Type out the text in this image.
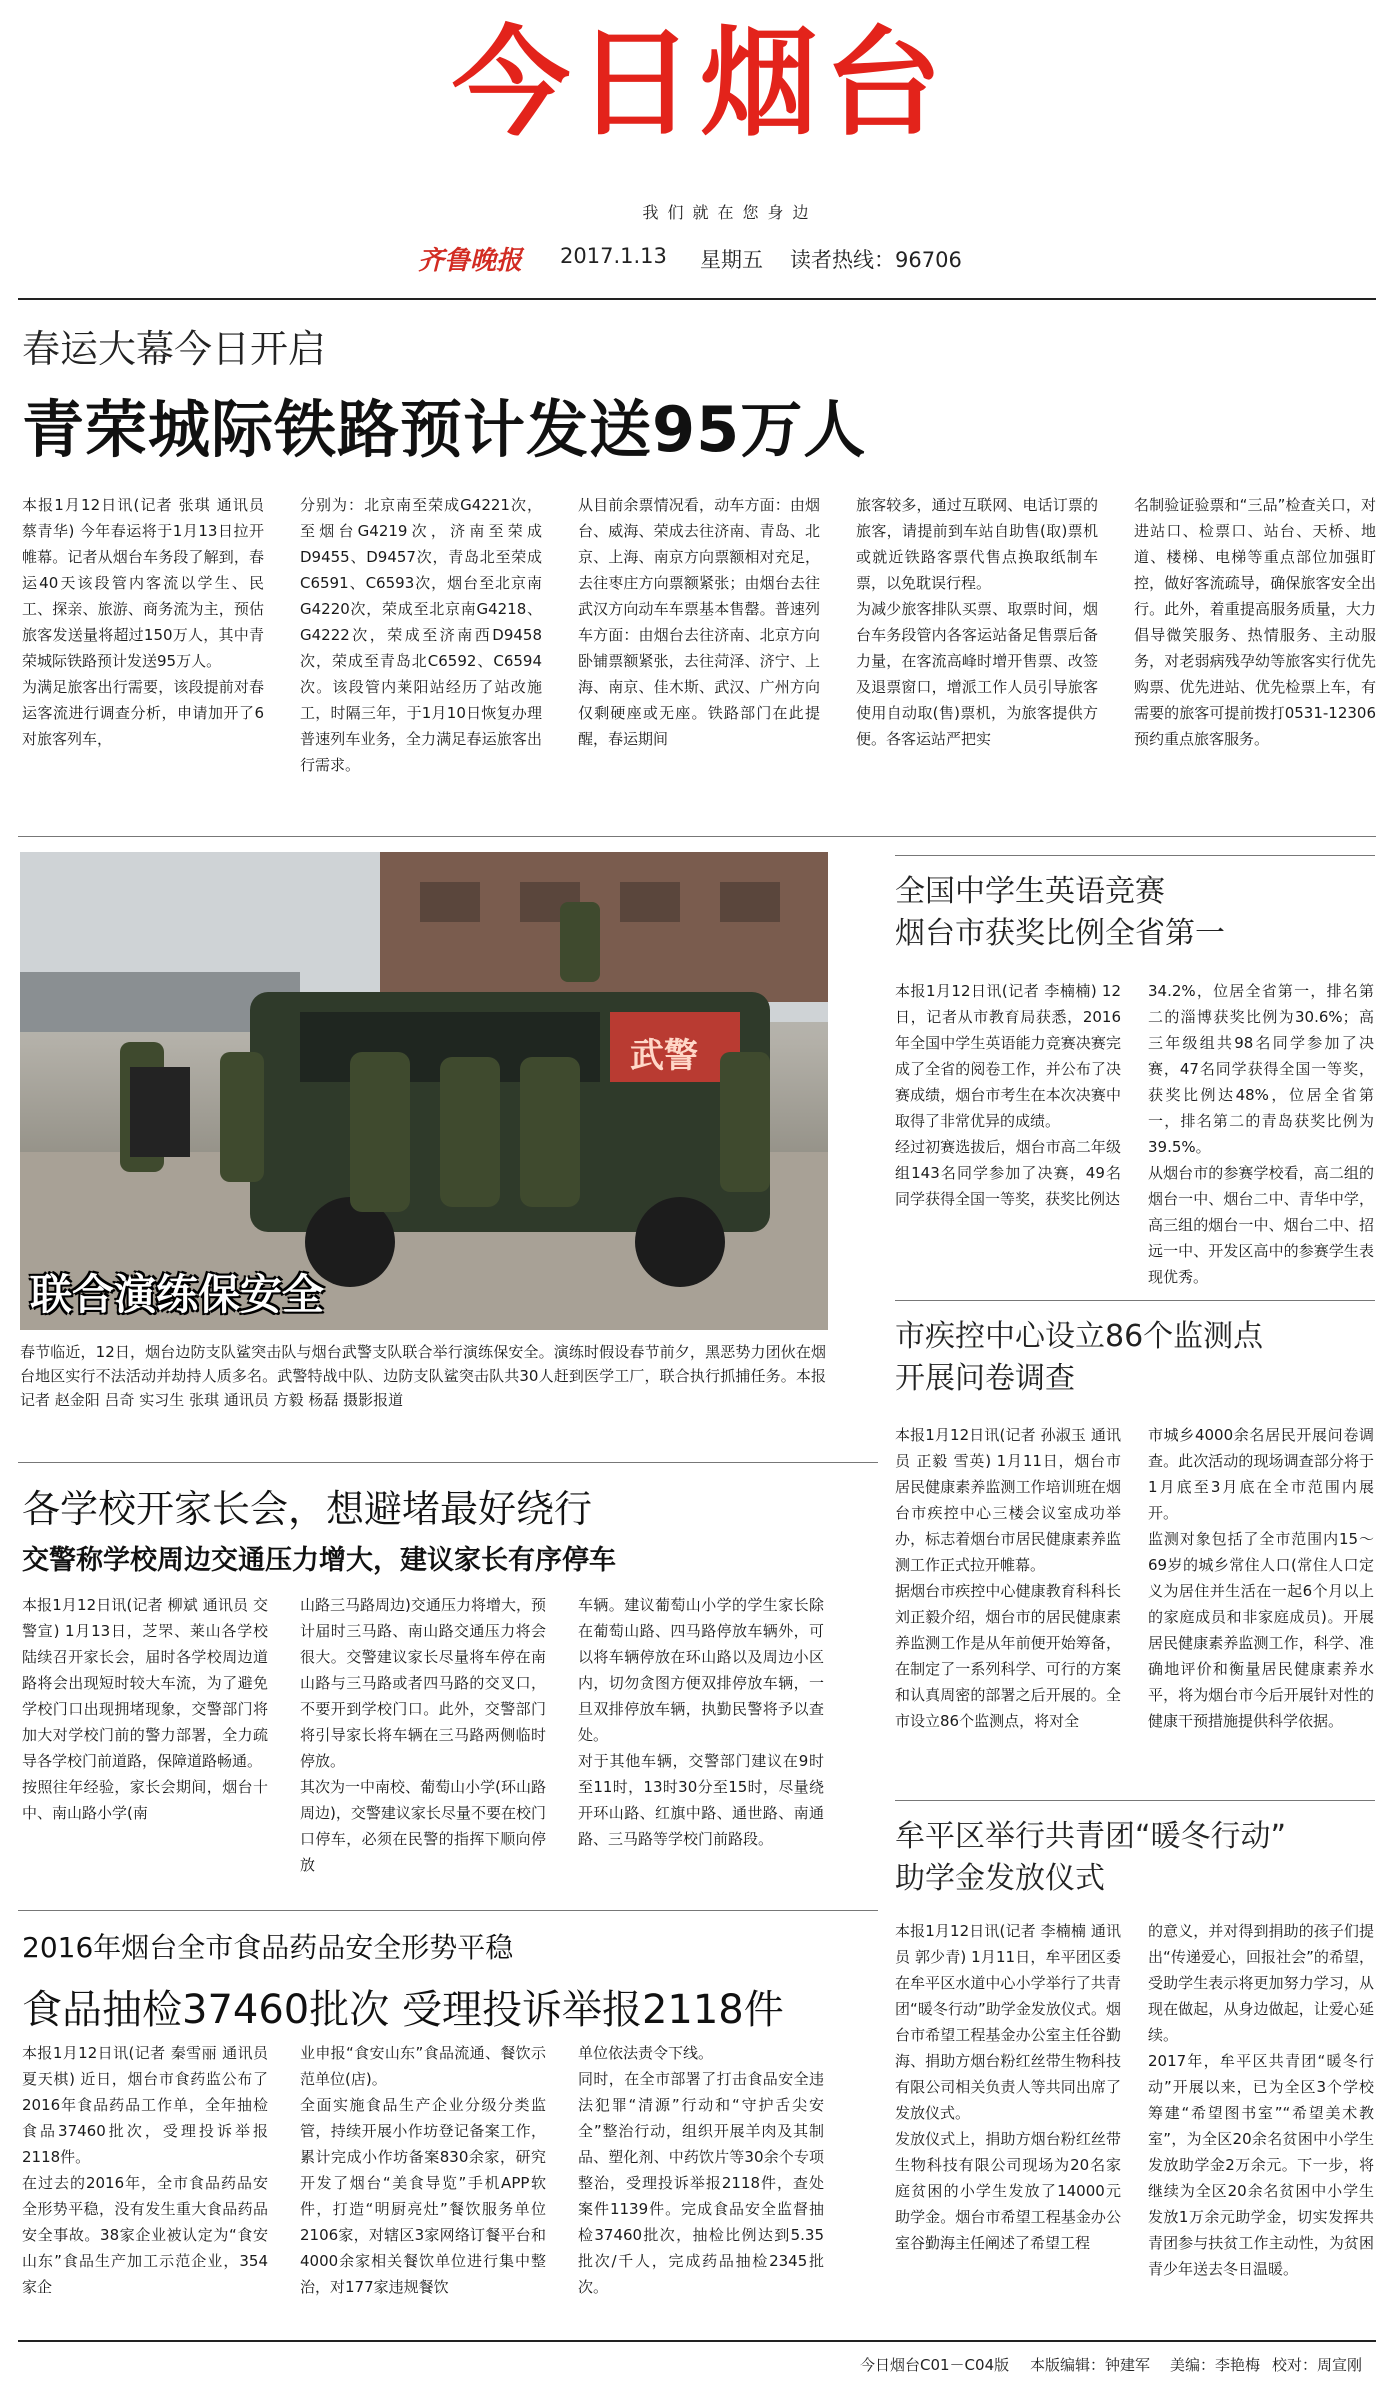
今日烟台
我们就在您身边
齐鲁晚报 2017.1.13 星期五 读者热线：96706
春运大幕今日开启
青荣城际铁路预计发送95万人
本报1月12日讯(记者 张琪 通讯员 蔡青华) 今年春运将于1月13日拉开帷幕。记者从烟台车务段了解到，春运40天该段管内客流以学生、民工、探亲、旅游、商务流为主，预估旅客发送量将超过150万人，其中青荣城际铁路预计发送95万人。
为满足旅客出行需要，该段提前对春运客流进行调查分析，申请加开了6对旅客列车，
分别为：北京南至荣成G4221次，至烟台G4219次，济南至荣成D9455、D9457次，青岛北至荣成C6591、C6593次，烟台至北京南G4220次，荣成至北京南G4218、G4222次，荣成至济南西D9458次，荣成至青岛北C6592、C6594次。该段管内莱阳站经历了站改施工，时隔三年，于1月10日恢复办理普速列车业务，全力满足春运旅客出行需求。
从目前余票情况看，动车方面：由烟台、威海、荣成去往济南、青岛、北京、上海、南京方向票额相对充足，去往枣庄方向票额紧张；由烟台去往武汉方向动车车票基本售罄。普速列车方面：由烟台去往济南、北京方向卧铺票额紧张，去往菏泽、济宁、上海、南京、佳木斯、武汉、广州方向仅剩硬座或无座。铁路部门在此提醒，春运期间
旅客较多，通过互联网、电话订票的旅客，请提前到车站自助售(取)票机或就近铁路客票代售点换取纸制车票，以免耽误行程。
为减少旅客排队买票、取票时间，烟台车务段管内各客运站备足售票后备力量，在客流高峰时增开售票、改签及退票窗口，增派工作人员引导旅客使用自动取(售)票机，为旅客提供方便。各客运站严把实
名制验证验票和“三品”检查关口，对进站口、检票口、站台、天桥、地道、楼梯、电梯等重点部位加强盯控，做好客流疏导，确保旅客安全出行。此外，着重提高服务质量，大力倡导微笑服务、热情服务、主动服务，对老弱病残孕幼等旅客实行优先购票、优先进站、优先检票上车，有需要的旅客可提前拨打0531-12306预约重点旅客服务。
武警
联合演练保安全
春节临近，12日，烟台边防支队鲨突击队与烟台武警支队联合举行演练保安全。演练时假设春节前夕，黑恶势力团伙在烟台地区实行不法活动并劫持人质多名。武警特战中队、边防支队鲨突击队共30人赶到医学工厂，联合执行抓捕任务。本报记者 赵金阳 吕奇 实习生 张琪 通讯员 方毅 杨磊 摄影报道
全国中学生英语竞赛
烟台市获奖比例全省第一
本报1月12日讯(记者 李楠楠) 12日，记者从市教育局获悉，2016年全国中学生英语能力竞赛决赛完成了全省的阅卷工作，并公布了决赛成绩，烟台市考生在本次决赛中取得了非常优异的成绩。
经过初赛选拔后，烟台市高二年级组143名同学参加了决赛，49名同学获得全国一等奖，获奖比例达
34.2%，位居全省第一，排名第二的淄博获奖比例为30.6%；高三年级组共98名同学参加了决赛，47名同学获得全国一等奖，获奖比例达48%，位居全省第一，排名第二的青岛获奖比例为39.5%。
从烟台市的参赛学校看，高二组的烟台一中、烟台二中、青华中学，高三组的烟台一中、烟台二中、招远一中、开发区高中的参赛学生表现优秀。
市疾控中心设立86个监测点
开展问卷调查
本报1月12日讯(记者 孙淑玉 通讯员 正毅 雪英) 1月11日，烟台市居民健康素养监测工作培训班在烟台市疾控中心三楼会议室成功举办，标志着烟台市居民健康素养监测工作正式拉开帷幕。
据烟台市疾控中心健康教育科科长刘正毅介绍，烟台市的居民健康素养监测工作是从年前便开始筹备，在制定了一系列科学、可行的方案和认真周密的部署之后开展的。全市设立86个监测点，将对全
市城乡4000余名居民开展问卷调查。此次活动的现场调查部分将于1月底至3月底在全市范围内展开。
监测对象包括了全市范围内15～69岁的城乡常住人口(常住人口定义为居住并生活在一起6个月以上的家庭成员和非家庭成员)。开展居民健康素养监测工作，科学、准确地评价和衡量居民健康素养水平，将为烟台市今后开展针对性的健康干预措施提供科学依据。
各学校开家长会，想避堵最好绕行
交警称学校周边交通压力增大，建议家长有序停车
本报1月12日讯(记者 柳斌 通讯员 交警宣) 1月13日，芝罘、莱山各学校陆续召开家长会，届时各学校周边道路将会出现短时较大车流，为了避免学校门口出现拥堵现象，交警部门将加大对学校门前的警力部署，全力疏导各学校门前道路，保障道路畅通。
按照往年经验，家长会期间，烟台十中、南山路小学(南
山路三马路周边)交通压力将增大，预计届时三马路、南山路交通压力将会很大。交警建议家长尽量将车停在南山路与三马路或者四马路的交叉口，不要开到学校门口。此外，交警部门将引导家长将车辆在三马路两侧临时停放。
其次为一中南校、葡萄山小学(环山路周边)，交警建议家长尽量不要在校门口停车，必须在民警的指挥下顺向停放
车辆。建议葡萄山小学的学生家长除在葡萄山路、四马路停放车辆外，可以将车辆停放在环山路以及周边小区内，切勿贪图方便双排停放车辆，一旦双排停放车辆，执勤民警将予以查处。
对于其他车辆，交警部门建议在9时至11时，13时30分至15时，尽量绕开环山路、红旗中路、通世路、南通路、三马路等学校门前路段。	牟平区举行共青团“暖冬行动”
助学金发放仪式
本报1月12日讯(记者 李楠楠 通讯员 郭少青) 1月11日，牟平团区委在牟平区水道中心小学举行了共青团“暖冬行动”助学金发放仪式。烟台市希望工程基金办公室主任谷勤海、捐助方烟台粉红丝带生物科技有限公司相关负责人等共同出席了发放仪式。
发放仪式上，捐助方烟台粉红丝带生物科技有限公司现场为20名家庭贫困的小学生发放了14000元助学金。烟台市希望工程基金办公室谷勤海主任阐述了希望工程
的意义，并对得到捐助的孩子们提出“传递爱心，回报社会”的希望，受助学生表示将更加努力学习，从现在做起，从身边做起，让爱心延续。
2017年，牟平区共青团“暖冬行动”开展以来，已为全区3个学校筹建“希望图书室”“希望美术教室”，为全区20余名贫困中小学生发放助学金2万余元。下一步，将继续为全区20余名贫困中小学生发放1万余元助学金，切实发挥共青团参与扶贫工作主动性，为贫困青少年送去冬日温暖。
2016年烟台全市食品药品安全形势平稳
食品抽检37460批次 受理投诉举报2118件
本报1月12日讯(记者 秦雪丽 通讯员 夏天棋) 近日，烟台市食药监公布了2016年食品药品工作单，全年抽检食品37460批次，受理投诉举报2118件。
在过去的2016年，全市食品药品安全形势平稳，没有发生重大食品药品安全事故。38家企业被认定为“食安山东”食品生产加工示范企业，354家企
业申报“食安山东”食品流通、餐饮示范单位(店)。
全面实施食品生产企业分级分类监管，持续开展小作坊登记备案工作，累计完成小作坊备案830余家，研究开发了烟台“美食导览”手机APP软件，打造“明厨亮灶”餐饮服务单位2106家，对辖区3家网络订餐平台和4000余家相关餐饮单位进行集中整治，对177家违规餐饮
单位依法责令下线。
同时，在全市部署了打击食品安全违法犯罪“清源”行动和“守护舌尖安全”整治行动，组织开展羊肉及其制品、塑化剂、中药饮片等30余个专项整治，受理投诉举报2118件，查处案件1139件。完成食品安全监督抽检37460批次，抽检比例达到5.35批次/千人，完成药品抽检2345批次。
今日烟台C01－C04版 本版编辑：钟建军 美编：李艳梅 校对：周宣刚
